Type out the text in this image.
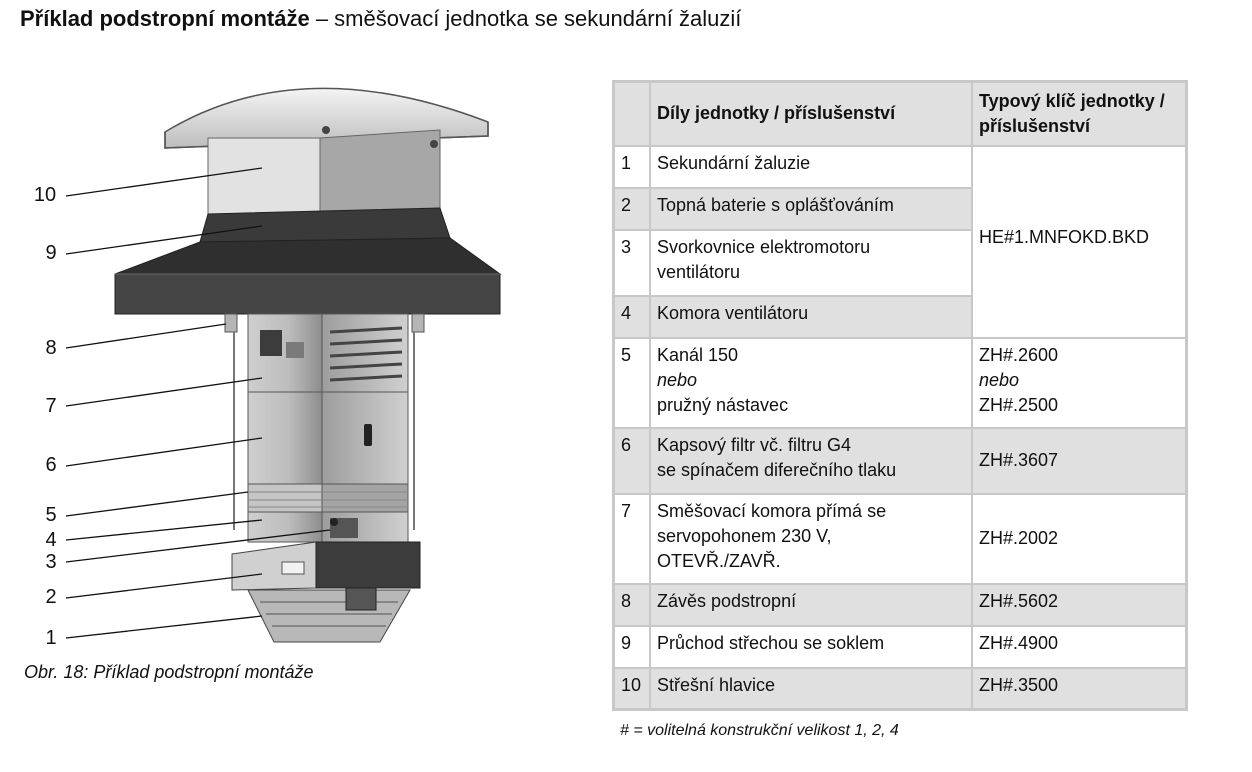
Příklad podstropní montáže – směšovací jednotka se sekundární žaluzií
10
9
8
7
6
5
4
3
2
1
Obr. 18: Příklad podstropní montáže
	Díly jednotky / příslušenství	Typový klíč jednotky /
příslušenství
1	Sekundární žaluzie	HE#1.MNFOKD.BKD
2	Topná baterie s oplášťováním	
3	Svorkovnice elektromotoru
ventilátoru	
4	Komora ventilátoru	
5	Kanál 150
nebo
pružný nástavec	ZH#.2600
nebo
ZH#.2500
6	Kapsový filtr vč. filtru G4
se spínačem diferečního tlaku	ZH#.3607
7	Směšovací komora přímá se
servopohonem 230 V,
OTEVŘ./ZAVŘ.	ZH#.2002
8	Závěs podstropní	ZH#.5602
9	Průchod střechou se soklem	ZH#.4900
10	Střešní hlavice	ZH#.3500
# = volitelná konstrukční velikost 1, 2, 4
